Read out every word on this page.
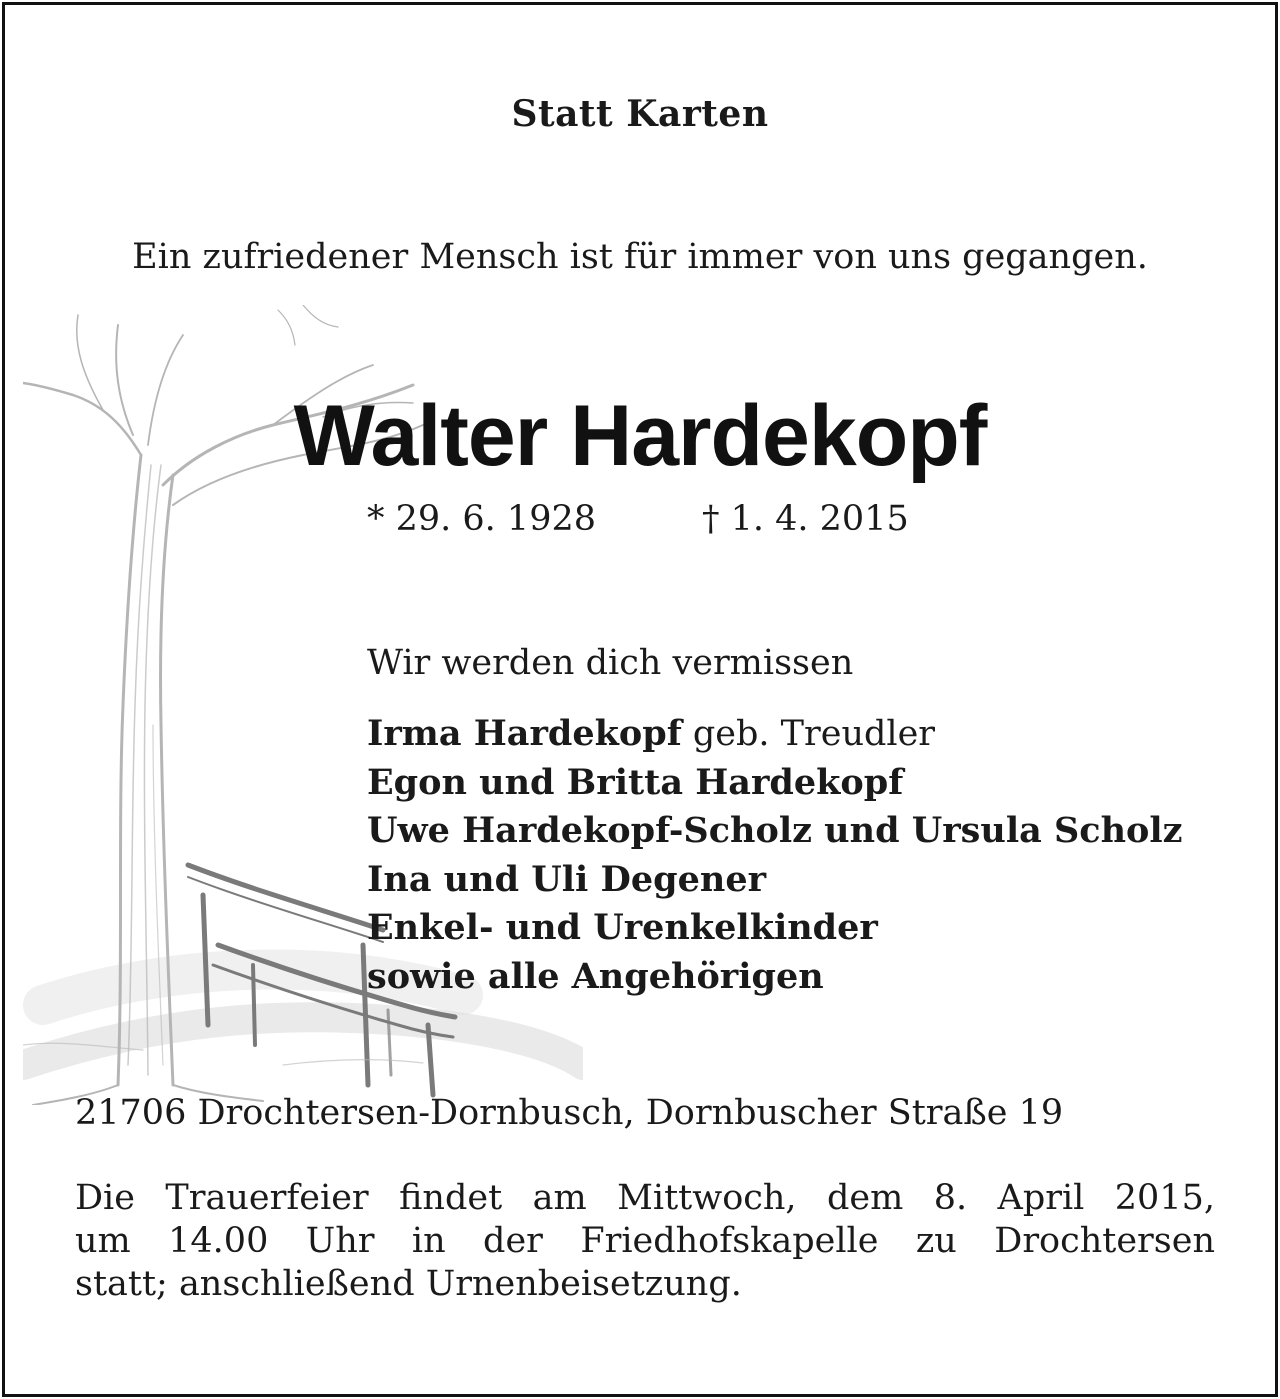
Statt Karten
Ein zufriedener Mensch ist für immer von uns gegangen.
Walter Hardekopf
* 29. 6. 1928	† 1. 4. 2015
Wir werden dich vermissen
Irma Hardekopf geb. Treudler
Egon und Britta Hardekopf
Uwe Hardekopf-Scholz und Ursula Scholz
Ina und Uli Degener
Enkel- und Urenkelkinder
sowie alle Angehörigen
21706 Drochtersen-Dornbusch, Dornbuscher Straße 19
Die Trauerfeier findet am Mittwoch, dem 8. April 2015,
um 14.00 Uhr in der Friedhofskapelle zu Drochtersen
statt; anschließend Urnenbeisetzung.
